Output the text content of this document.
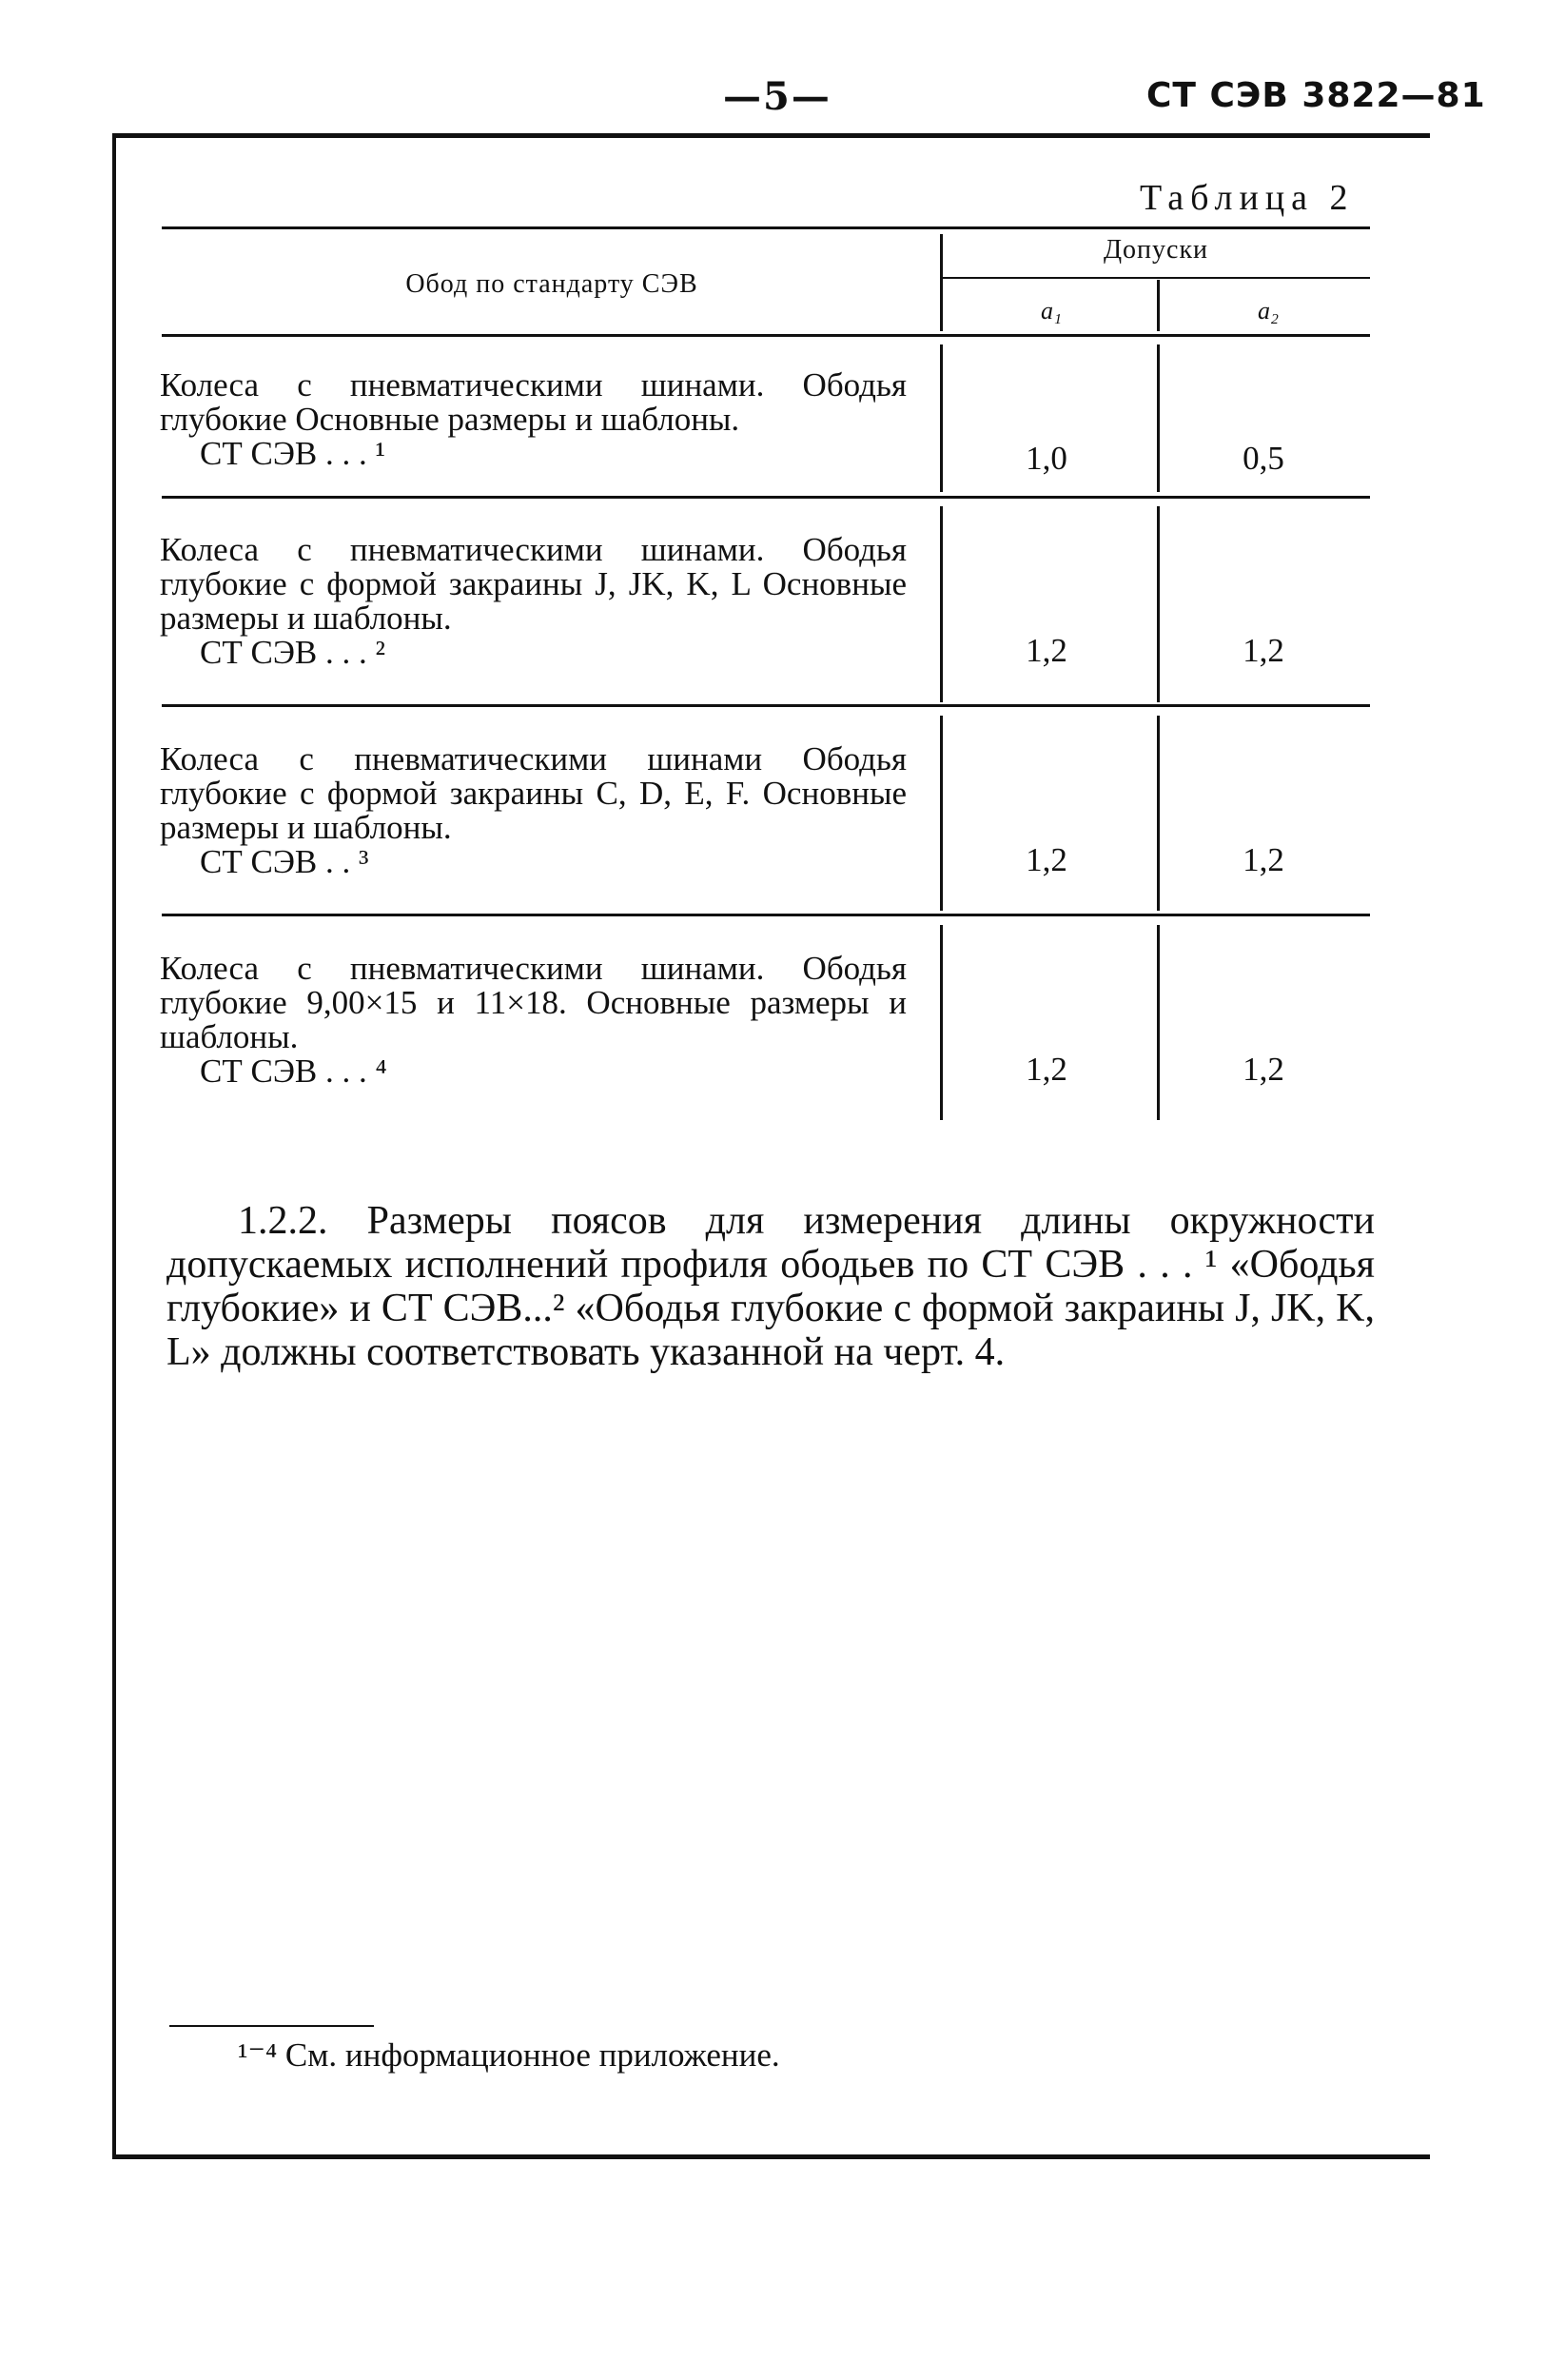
—5—	СТ СЭВ 3822—81
Таблица 2
Обод по стандарту СЭВ
Допуски
a₁	a₂
Колеса с пневматическими шинами. Ободья глубокие Основные размеры и шаблоны.
СТ СЭВ . . . ¹	1,0	0,5
Колеса с пневматическими шинами. Ободья глубокие с формой закраины J, JK, K, L Основные размеры и шаблоны.
СТ СЭВ . . . ²	1,2	1,2
Колеса с пневматическими шинами Ободья глубокие с формой закраины C, D, E, F. Основные размеры и шаблоны.
СТ СЭВ . . ³	1,2	1,2
Колеса с пневматическими шинами. Ободья глубокие 9,00×15 и 11×18. Основные размеры и шаблоны.
СТ СЭВ . . . ⁴	1,2	1,2
1.2.2. Размеры поясов для измерения длины окружности допускаемых исполнений профиля ободьев по СТ СЭВ . . . ¹ «Ободья глубокие» и СТ СЭВ...² «Ободья глубокие с формой закраины J, JK, K, L» должны соответствовать указанной на черт. 4.
¹⁻⁴ См. информационное приложение.
